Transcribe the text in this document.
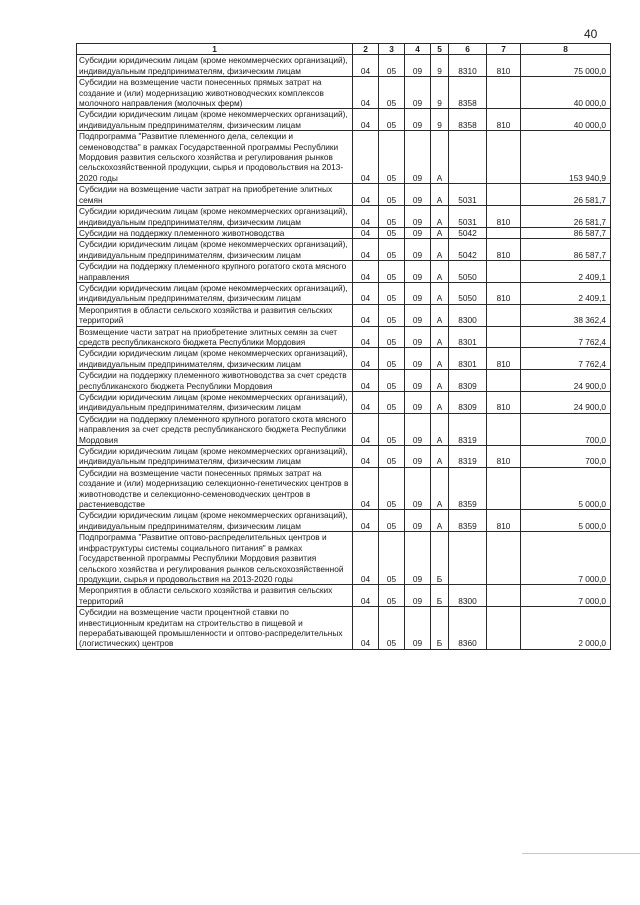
40
1	2	3	4	5	6	7	8
Субсидии юридическим лицам (кроме некоммерческих организаций), индивидуальным предпринимателям, физическим лицам	04	05	09	9	8310	810	75 000,0
Субсидии на возмещение части понесенных прямых затрат на создание и (или) модернизацию животноводческих комплексов молочного направления (молочных ферм)	04	05	09	9	8358		40 000,0
Субсидии юридическим лицам (кроме некоммерческих организаций), индивидуальным предпринимателям, физическим лицам	04	05	09	9	8358	810	40 000,0
Подпрограмма "Развитие племенного дела, селекции и семеноводства" в рамках Государственной программы Республики Мордовия развития сельского хозяйства и регулирования рынков сельскохозяйственной продукции, сырья и продовольствия на 2013-2020 годы	04	05	09	А			153 940,9
Субсидии на возмещение части затрат на приобретение элитных семян	04	05	09	А	5031		26 581,7
Субсидии юридическим лицам (кроме некоммерческих организаций), индивидуальным предпринимателям, физическим лицам	04	05	09	А	5031	810	26 581,7
Субсидии на поддержку племенного животноводства	04	05	09	А	5042		86 587,7
Субсидии юридическим лицам (кроме некоммерческих организаций), индивидуальным предпринимателям, физическим лицам	04	05	09	А	5042	810	86 587,7
Субсидии на поддержку племенного крупного рогатого скота мясного направления	04	05	09	А	5050		2 409,1
Субсидии юридическим лицам (кроме некоммерческих организаций), индивидуальным предпринимателям, физическим лицам	04	05	09	А	5050	810	2 409,1
Мероприятия в области сельского хозяйства и развития сельских территорий	04	05	09	А	8300		38 362,4
Возмещение части затрат на приобретение элитных семян за счет средств республиканского бюджета Республики Мордовия	04	05	09	А	8301		7 762,4
Субсидии юридическим лицам (кроме некоммерческих организаций), индивидуальным предпринимателям, физическим лицам	04	05	09	А	8301	810	7 762,4
Субсидии на поддержку племенного животноводства за счет средств республиканского бюджета Республики Мордовия	04	05	09	А	8309		24 900,0
Субсидии юридическим лицам (кроме некоммерческих организаций), индивидуальным предпринимателям, физическим лицам	04	05	09	А	8309	810	24 900,0
Субсидии на поддержку племенного крупного рогатого скота мясного направления за счет средств республиканского бюджета Республики Мордовия	04	05	09	А	8319		700,0
Субсидии юридическим лицам (кроме некоммерческих организаций), индивидуальным предпринимателям, физическим лицам	04	05	09	А	8319	810	700,0
Субсидии на возмещение части понесенных прямых затрат на создание и (или) модернизацию селекционно-генетических центров в животноводстве и селекционно-семеноводческих центров в растениеводстве	04	05	09	А	8359		5 000,0
Субсидии юридическим лицам (кроме некоммерческих организаций), индивидуальным предпринимателям, физическим лицам	04	05	09	А	8359	810	5 000,0
Подпрограмма "Развитие оптово-распределительных центров и инфраструктуры системы социального питания" в рамках Государственной программы Республики Мордовия развития сельского хозяйства и регулирования рынков сельскохозяйственной продукции, сырья и продовольствия на 2013-2020 годы	04	05	09	Б			7 000,0
Мероприятия в области сельского хозяйства и развития сельских территорий	04	05	09	Б	8300		7 000,0
Субсидии на возмещение части процентной ставки по инвестиционным кредитам на строительство в пищевой и перерабатывающей промышленности и оптово-распределительных (логистических) центров	04	05	09	Б	8360		2 000,0
